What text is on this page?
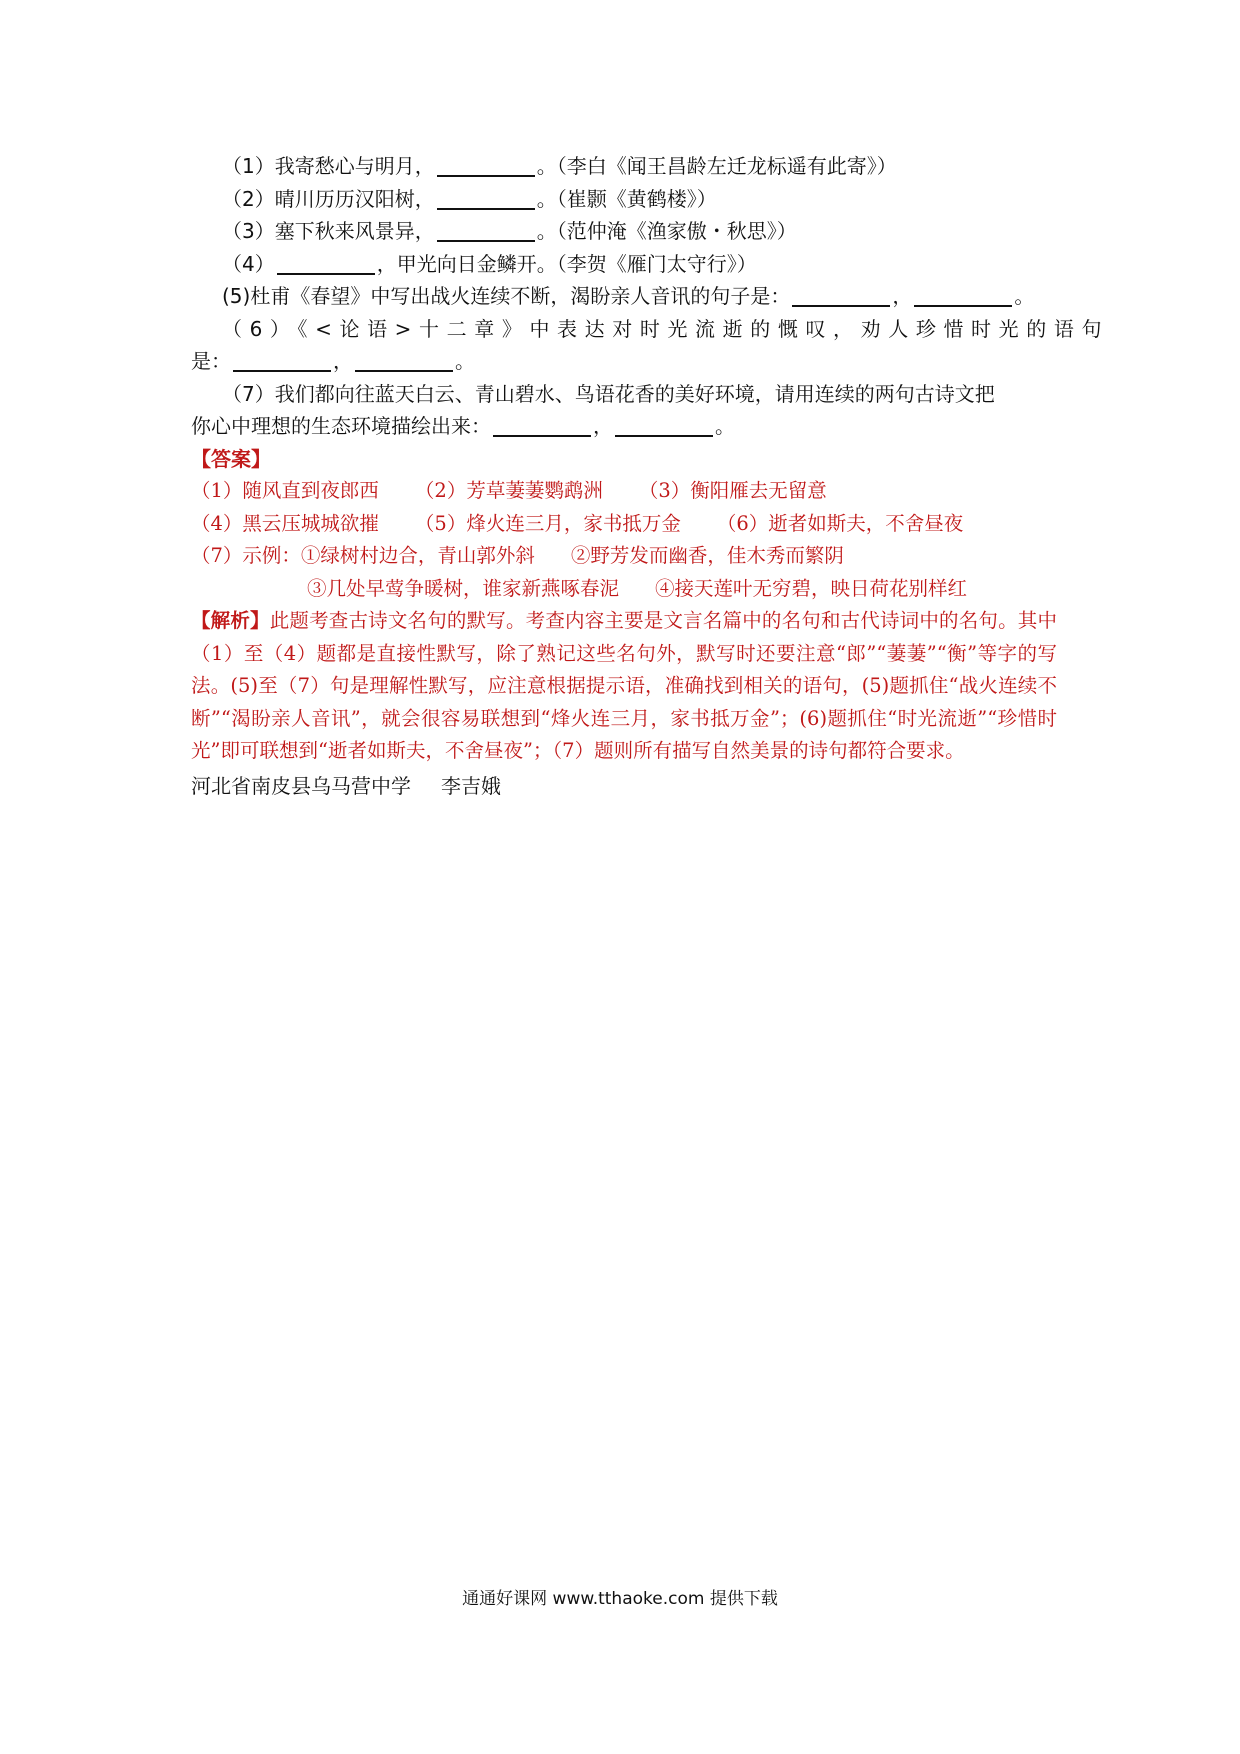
（1）我寄愁心与明月，	。（李白《闻王昌龄左迁龙标遥有此寄》）
（2）晴川历历汉阳树，	。（崔颢《黄鹤楼》）
（3）塞下秋来风景异，	。（范仲淹《渔家傲・秋思》）
（4）	，甲光向日金鳞开。（李贺《雁门太守行》）
(5)杜甫《春望》中写出战火连续不断，渴盼亲人音讯的句子是：	，	。
（6）《<论语>十二章》中表达对时光流逝的慨叹，劝人珍惜时光的语句
是：	，	。
（7）我们都向往蓝天白云、青山碧水、鸟语花香的美好环境，请用连续的两句古诗文把
你心中理想的生态环境描绘出来：	，	。
【答案】
（1）随风直到夜郎西 （2）芳草萋萋鹦鹉洲 （3）衡阳雁去无留意
（4）黑云压城城欲摧 （5）烽火连三月，家书抵万金 （6）逝者如斯夫，不舍昼夜
（7）示例：①绿树村边合，青山郭外斜 ②野芳发而幽香，佳木秀而繁阴
③几处早莺争暖树，谁家新燕啄春泥 ④接天莲叶无穷碧，映日荷花别样红
【解析】此题考查古诗文名句的默写。考查内容主要是文言名篇中的名句和古代诗词中的名句。其中（1）至（4）题都是直接性默写，除了熟记这些名句外，默写时还要注意“郎”“萋萋”“衡”等字的写法。(5)至（7）句是理解性默写，应注意根据提示语，准确找到相关的语句，(5)题抓住“战火连续不断”“渴盼亲人音讯”，就会很容易联想到“烽火连三月，家书抵万金”；(6)题抓住“时光流逝”“珍惜时光”即可联想到“逝者如斯夫，不舍昼夜”；（7）题则所有描写自然美景的诗句都符合要求。
河北省南皮县乌马营中学 李吉娥
通通好课网 www.tthaoke.com 提供下载
